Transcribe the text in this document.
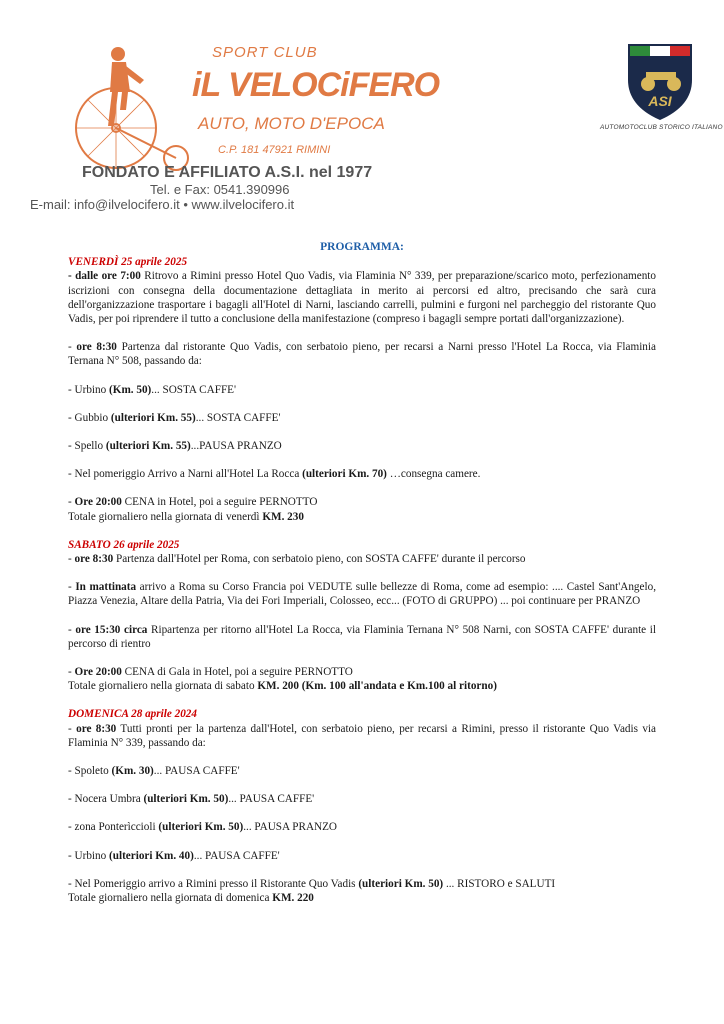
SPORT CLUB
iL VELOCiFERO
AUTO, MOTO D'EPOCA
C.P. 181 47921 RIMINI
FONDATO E AFFILIATO A.S.I. nel 1977
Tel. e Fax: 0541.390996
E-mail: info@ilvelocifero.it • www.ilvelocifero.it
ASI
AUTOMOTOCLUB STORICO ITALIANO
PROGRAMMA:
VENERDÌ 25 aprile 2025

- dalle ore 7:00 Ritrovo a Rimini presso Hotel Quo Vadis, via Flaminia N° 339, per preparazione/scarico moto, perfezionamento iscrizioni con consegna della documentazione dettagliata in merito ai percorsi ed altro, precisando che sarà cura dell'organizzazione trasportare i bagagli all'Hotel di Narni, lasciando carrelli, pulmini e furgoni nel parcheggio del ristorante Quo Vadis, per poi riprendere il tutto a conclusione della manifestazione (compreso i bagagli sempre portati dall'organizzazione).

- ore 8:30 Partenza dal ristorante Quo Vadis, con serbatoio pieno, per recarsi a Narni presso l'Hotel La Rocca, via Flaminia Ternana N° 508, passando da:

- Urbino (Km. 50)... SOSTA CAFFE'

- Gubbio (ulteriori Km. 55)... SOSTA CAFFE'

- Spello (ulteriori Km. 55)...PAUSA PRANZO

- Nel pomeriggio Arrivo a Narni all'Hotel La Rocca (ulteriori Km. 70) …consegna camere.

- Ore 20:00 CENA in Hotel, poi a seguire PERNOTTO

Totale giornaliero nella giornata di venerdì KM. 230

SABATO 26 aprile 2025

- ore 8:30 Partenza dall'Hotel per Roma, con serbatoio pieno, con SOSTA CAFFE' durante il percorso

- In mattinata arrivo a Roma su Corso Francia poi VEDUTE sulle bellezze di Roma, come ad esempio: .... Castel Sant'Angelo, Piazza Venezia, Altare della Patria, Via dei Fori Imperiali, Colosseo, ecc... (FOTO di GRUPPO) ... poi continuare per PRANZO

- ore 15:30 circa Ripartenza per ritorno all'Hotel La Rocca, via Flaminia Ternana N° 508 Narni, con SOSTA CAFFE' durante il percorso di rientro

- Ore 20:00 CENA di Gala in Hotel, poi a seguire PERNOTTO

Totale giornaliero nella giornata di sabato KM. 200 (Km. 100 all'andata e Km.100 al ritorno)

DOMENICA 28 aprile 2024

- ore 8:30 Tutti pronti per la partenza dall'Hotel, con serbatoio pieno, per recarsi a Rimini, presso il ristorante Quo Vadis via Flaminia N° 339, passando da:

- Spoleto (Km. 30)... PAUSA CAFFE'

- Nocera Umbra (ulteriori Km. 50)... PAUSA CAFFE'

- zona Ponterìccioli (ulteriori Km. 50)... PAUSA PRANZO

- Urbino (ulteriori Km. 40)... PAUSA CAFFE'

- Nel Pomeriggio arrivo a Rimini presso il Ristorante Quo Vadis (ulteriori Km. 50) ... RISTORO e SALUTI

Totale giornaliero nella giornata di domenica KM. 220
